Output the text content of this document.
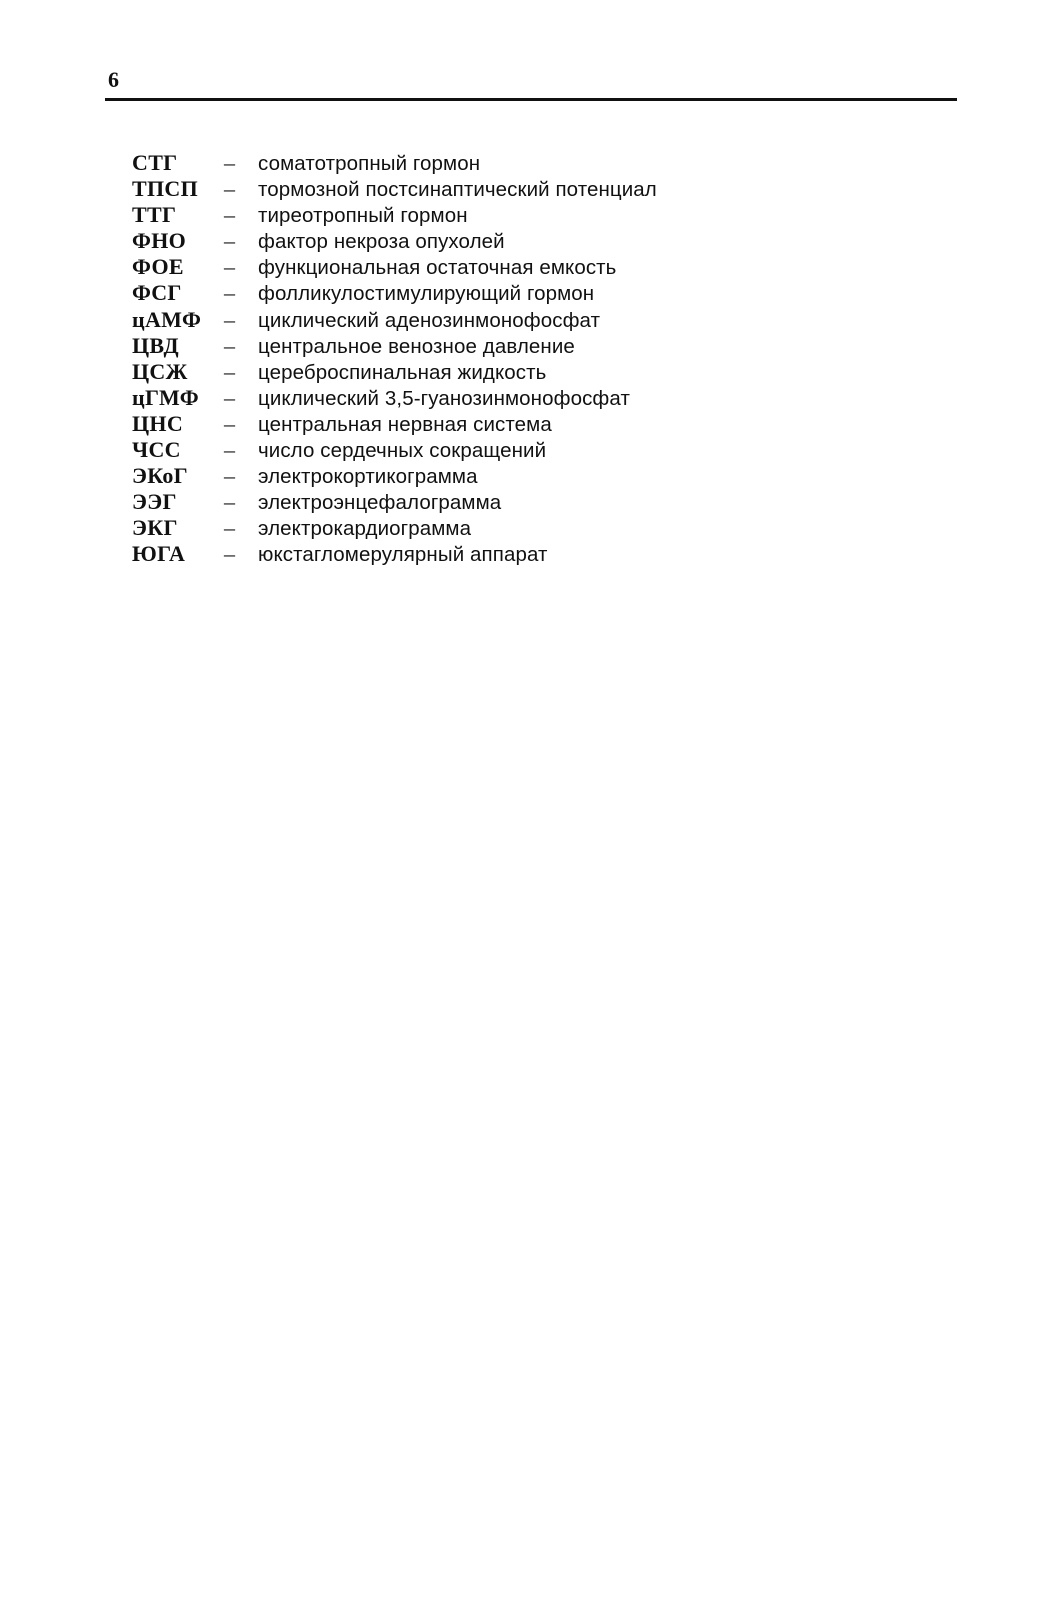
6
СТГ	–	соматотропный гормон
ТПСП	–	тормозной постсинаптический потенциал
ТТГ	–	тиреотропный гормон
ФНО	–	фактор некроза опухолей
ФОЕ	–	функциональная остаточная емкость
ФСГ	–	фолликулостимулирующий гормон
цАМФ	–	циклический аденозинмонофосфат
ЦВД	–	центральное венозное давление
ЦСЖ	–	цереброспинальная жидкость
цГМФ	–	циклический 3,5-гуанозинмонофосфат
ЦНС	–	центральная нервная система
ЧСС	–	число сердечных сокращений
ЭКоГ	–	электрокортикограмма
ЭЭГ	–	электроэнцефалограмма
ЭКГ	–	электрокардиограмма
ЮГА	–	юкстагломерулярный аппарат
